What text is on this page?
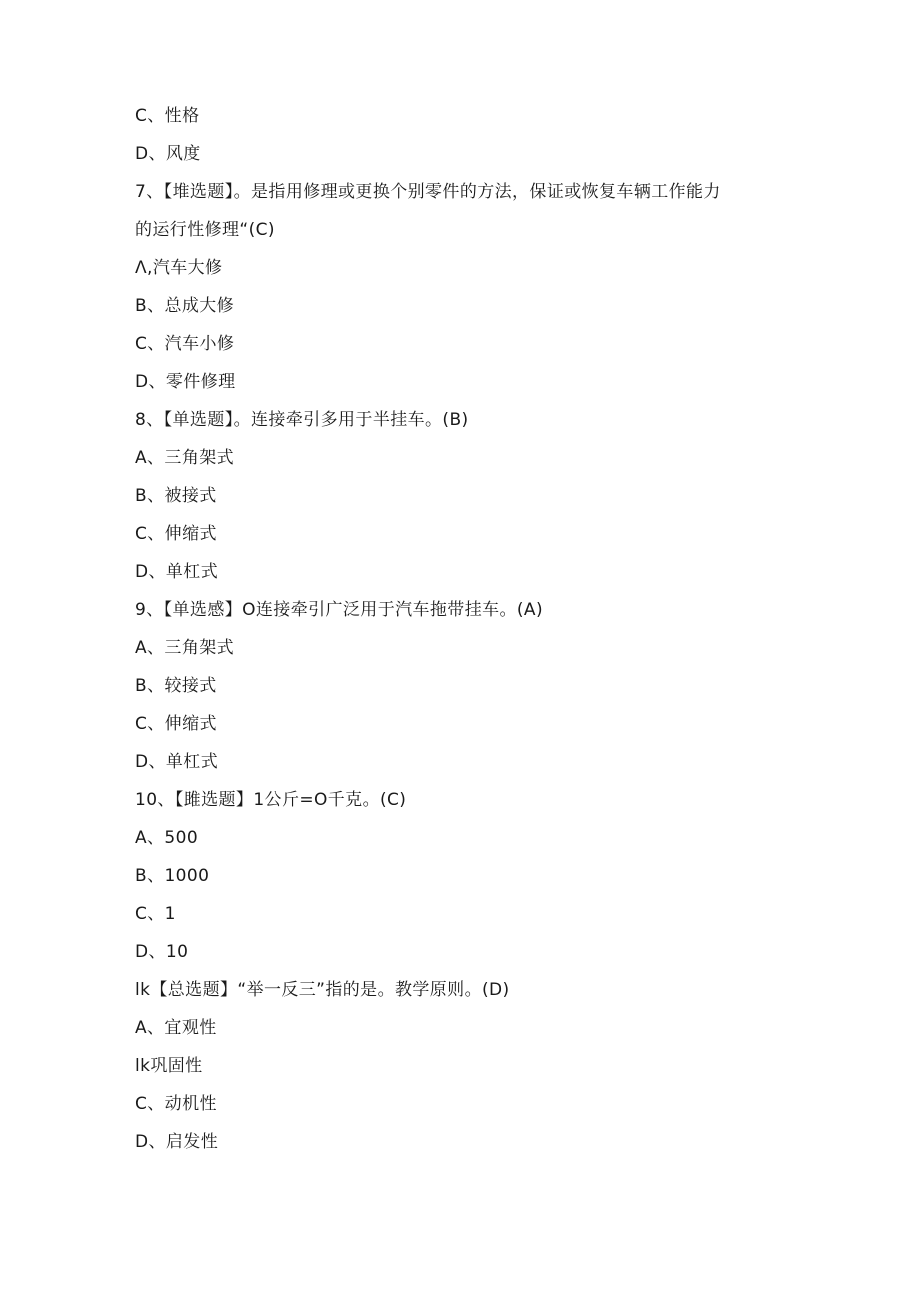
C、性格
D、风度
7、【堆选题】。是指用修理或更换个别零件的方法，保证或恢复车辆工作能力
的运行性修理“(C)
Λ,汽车大修
B、总成大修
C、汽车小修
D、零件修理
8、【单选题】。连接牵引多用于半挂车。(B)
A、三角架式
B、被接式
C、伸缩式
D、单杠式
9、【单选感】O连接牵引广泛用于汽车拖带挂车。(A)
A、三角架式
B、较接式
C、伸缩式
D、单杠式
10、【雎选题】1公斤=O千克。(C)
A、500
B、1000
C、1
D、10
lk【总选题】“举一反三”指的是。教学原则。(D)
A、宜观性
lk巩固性
C、动机性
D、启发性
